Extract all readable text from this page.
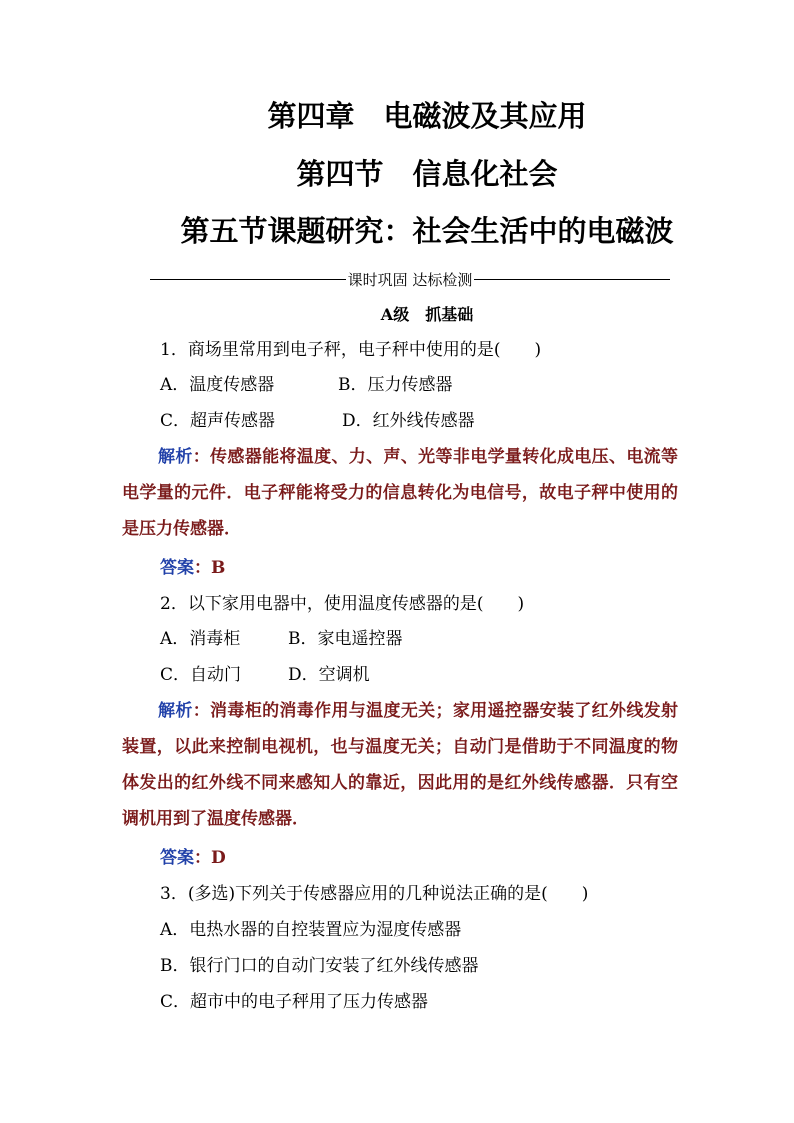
第四章　电磁波及其应用
第四节　信息化社会
第五节课题研究：社会生活中的电磁波
课时巩固 达标检测
A级　抓基础
1．商场里常用到电子秤，电子秤中使用的是(　　)
A．温度传感器	B．压力传感器
C．超声传感器	D．红外线传感器
解析：传感器能将温度、力、声、光等非电学量转化成电压、电流等电学量的元件．电子秤能将受力的信息转化为电信号，故电子秤中使用的是压力传感器．
答案：B
2．以下家用电器中，使用温度传感器的是(　　)
A．消毒柜	B．家电遥控器
C．自动门	D．空调机
解析：消毒柜的消毒作用与温度无关；家用遥控器安装了红外线发射装置，以此来控制电视机，也与温度无关；自动门是借助于不同温度的物体发出的红外线不同来感知人的靠近，因此用的是红外线传感器．只有空调机用到了温度传感器．
答案：D
3．(多选)下列关于传感器应用的几种说法正确的是(　　)
A．电热水器的自控装置应为湿度传感器
B．银行门口的自动门安装了红外线传感器
C．超市中的电子秤用了压力传感器
